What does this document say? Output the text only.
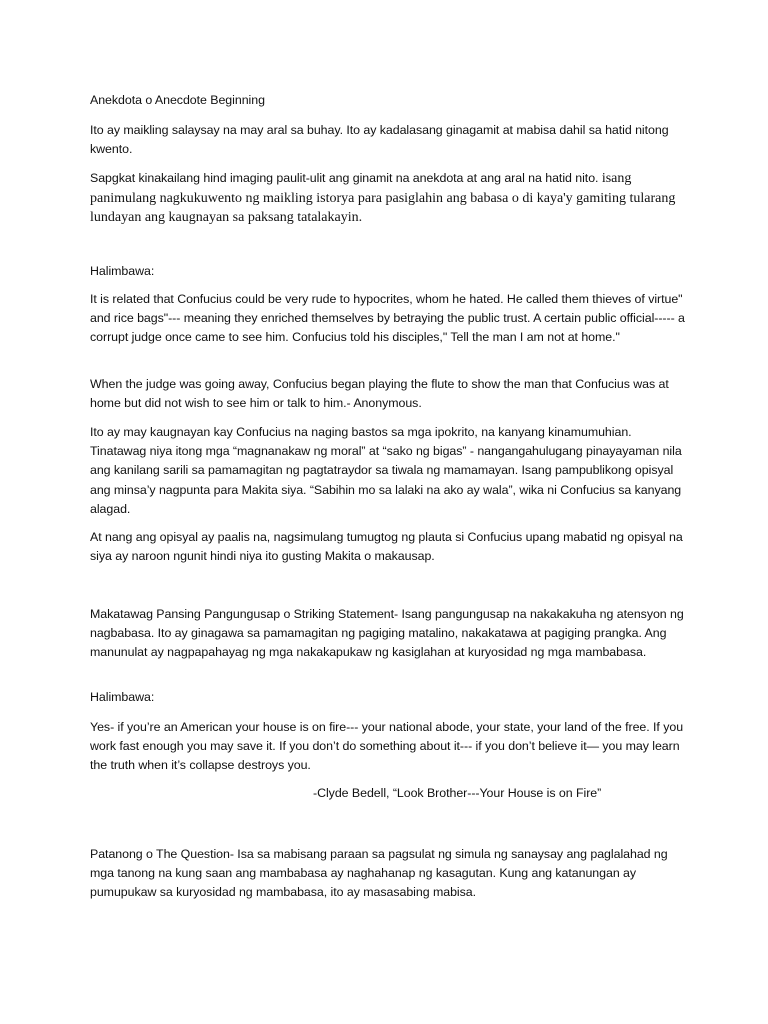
Anekdota o Anecdote Beginning

Ito ay maikling salaysay na may aral sa buhay. Ito ay kadalasang ginagamit at mabisa dahil sa hatid nitong kwento.

Sapgkat kinakailang hind imaging paulit-ulit ang ginamit na anekdota at ang aral na hatid nito. isang panimulang nagkukuwento ng maikling istorya para pasiglahin ang babasa o di kaya'y gamiting tularang lundayan ang kaugnayan sa paksang tatalakayin.

Halimbawa:

It is related that Confucius could be very rude to hypocrites, whom he hated. He called them thieves of virtue" and rice bags"--- meaning they enriched themselves by betraying the public trust. A certain public official----- a corrupt judge once came to see him. Confucius told his disciples," Tell the man I am not at home."

When the judge was going away, Confucius began playing the flute to show the man that Confucius was at home but did not wish to see him or talk to him.- Anonymous.

Ito ay may kaugnayan kay Confucius na naging bastos sa mga ipokrito, na kanyang kinamumuhian. Tinatawag niya itong mga “magnanakaw ng moral” at “sako ng bigas” - nangangahulugang pinayayaman nila ang kanilang sarili sa pamamagitan ng pagtatraydor sa tiwala ng mamamayan. Isang pampublikong opisyal ang minsa’y nagpunta para Makita siya. “Sabihin mo sa lalaki na ako ay wala”, wika ni Confucius sa kanyang alagad.

At nang ang opisyal ay paalis na, nagsimulang tumugtog ng plauta si Confucius upang mabatid ng opisyal na siya ay naroon ngunit hindi niya ito gusting Makita o makausap.

Makatawag Pansing Pangungusap o Striking Statement- Isang pangungusap na nakakakuha ng atensyon ng nagbabasa. Ito ay ginagawa sa pamamagitan ng pagiging matalino, nakakatawa at pagiging prangka. Ang manunulat ay nagpapahayag ng mga nakakapukaw ng kasiglahan at kuryosidad ng mga mambabasa.

Halimbawa:

Yes- if you’re an American your house is on fire--- your national abode, your state, your land of the free. If you work fast enough you may save it. If you don’t do something about it--- if you don’t believe it— you may learn the truth when it’s collapse destroys you.

-Clyde Bedell, “Look Brother---Your House is on Fire”

Patanong o The Question- Isa sa mabisang paraan sa pagsulat ng simula ng sanaysay ang paglalahad ng mga tanong na kung saan ang mambabasa ay naghahanap ng kasagutan. Kung ang katanungan ay pumupukaw sa kuryosidad ng mambabasa, ito ay masasabing mabisa.
